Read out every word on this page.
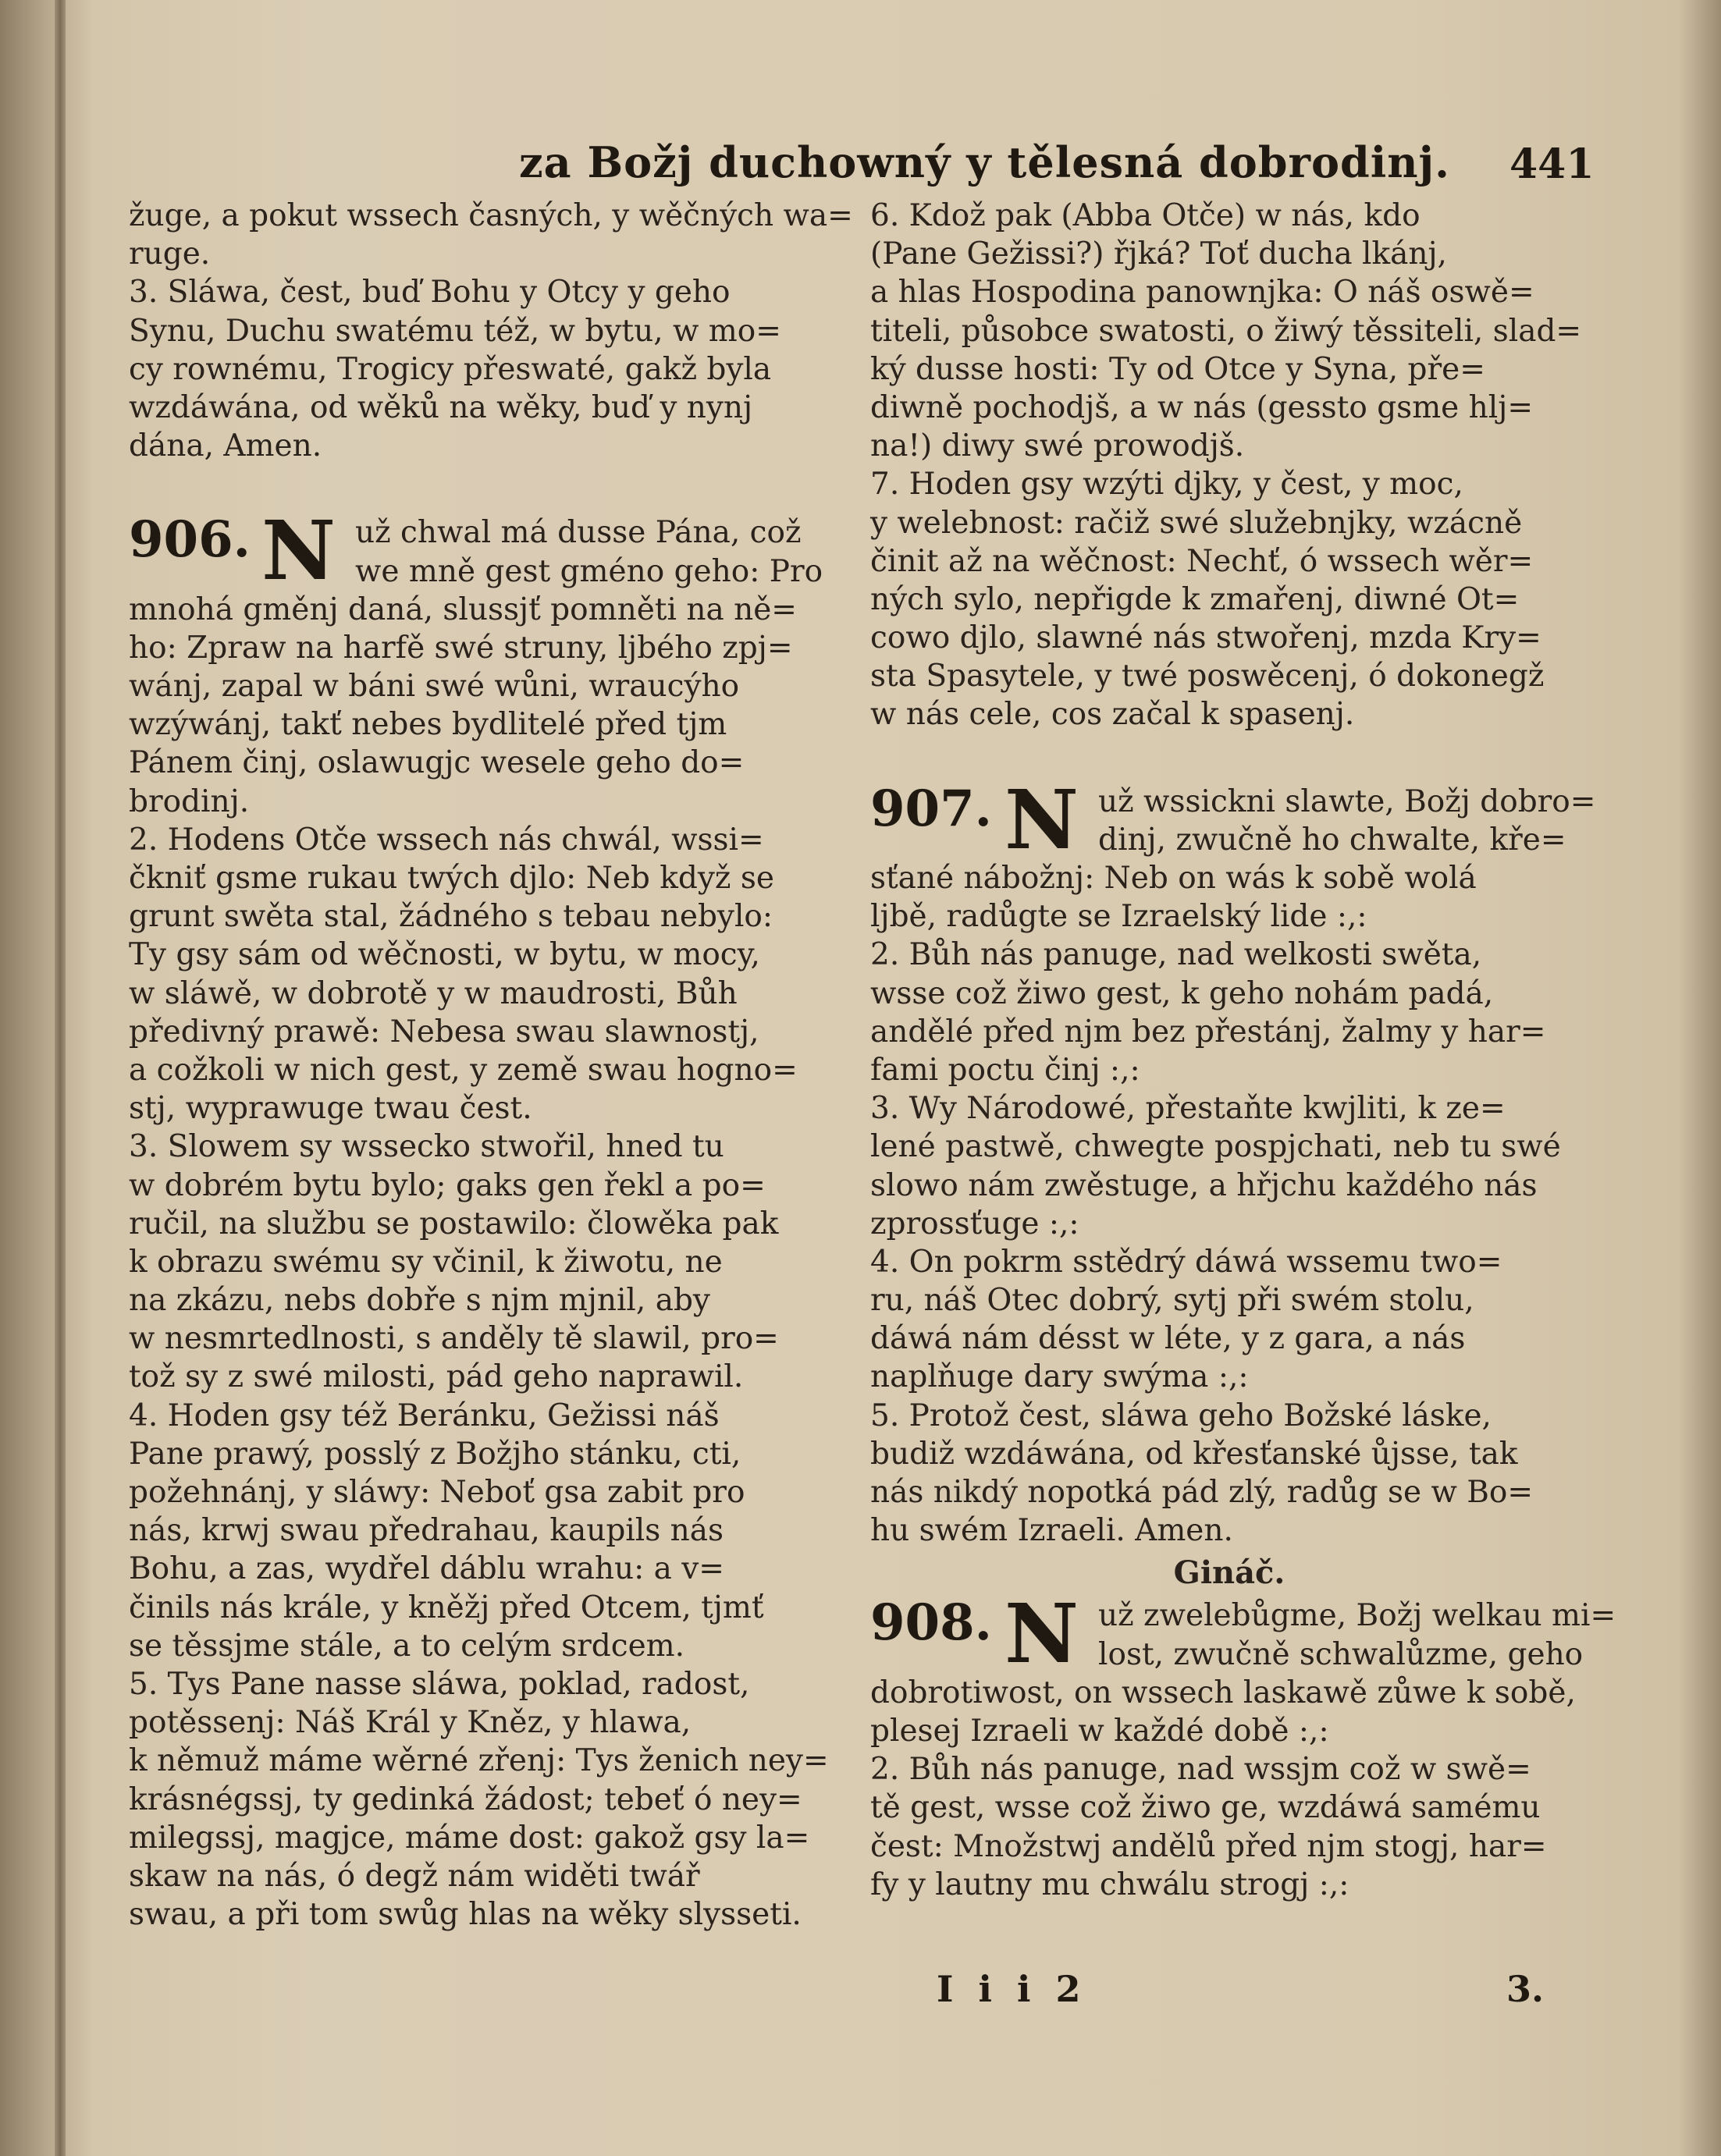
za Božj duchowný y tělesná dobrodinj. 441
žuge, a pokut wssech časných, y wěčných wa=
ruge.
3. Sláwa, čest, buď Bohu y Otcy y geho
Synu, Duchu swatému též, w bytu, w mo=
cy rownému, Trogicy přeswaté, gakž byla
wzdáwána, od wěků na wěky, buď y nynj
dána, Amen.
906. N už chwal má dusse Pána, což
we mně gest gméno geho: Pro
mnohá gměnj daná, slussjť pomněti na ně=
ho: Zpraw na harfě swé struny, ljbého zpj=
wánj, zapal w báni swé wůni, wraucýho
wzýwánj, takť nebes bydlitelé před tjm
Pánem činj, oslawugjc wesele geho do=
brodinj.
2. Hodens Otče wssech nás chwál, wssi=
čkniť gsme rukau twých djlo: Neb když se
grunt swěta stal, žádného s tebau nebylo:
Ty gsy sám od wěčnosti, w bytu, w mocy,
w sláwě, w dobrotě y w maudrosti, Bůh
předivný prawě: Nebesa swau slawnostj,
a cožkoli w nich gest, y země swau hogno=
stj, wyprawuge twau čest.
3. Slowem sy wssecko stwořil, hned tu
w dobrém bytu bylo; gaks gen řekl a po=
ručil, na službu se postawilo: člowěka pak
k obrazu swému sy včinil, k žiwotu, ne
na zkázu, nebs dobře s njm mjnil, aby
w nesmrtedlnosti, s anděly tě slawil, pro=
tož sy z swé milosti, pád geho naprawil.
4. Hoden gsy též Beránku, Gežissi náš
Pane prawý, posslý z Božjho stánku, cti,
požehnánj, y sláwy: Neboť gsa zabit pro
nás, krwj swau předrahau, kaupils nás
Bohu, a zas, wydřel dáblu wrahu: a v=
činils nás krále, y kněžj před Otcem, tjmť
se těssjme stále, a to celým srdcem.
5. Tys Pane nasse sláwa, poklad, radost,
potěssenj: Náš Král y Kněz, y hlawa,
k němuž máme wěrné zřenj: Tys ženich ney=
krásnégssj, ty gedinká žádost; tebeť ó ney=
milegssj, magjce, máme dost: gakož gsy la=
skaw na nás, ó degž nám widěti twář
swau, a při tom swůg hlas na wěky slysseti.
6. Kdož pak (Abba Otče) w nás, kdo
(Pane Gežissi?) řjká? Toť ducha lkánj,
a hlas Hospodina panownjka: O náš oswě=
titeli, působce swatosti, o žiwý těssiteli, slad=
ký dusse hosti: Ty od Otce y Syna, pře=
diwně pochodjš, a w nás (gessto gsme hlj=
na!) diwy swé prowodjš.
7. Hoden gsy wzýti djky, y čest, y moc,
y welebnost: račiž swé služebnjky, wzácně
činit až na wěčnost: Nechť, ó wssech wěr=
ných sylo, nepřigde k zmařenj, diwné Ot=
cowo djlo, slawné nás stwořenj, mzda Kry=
sta Spasytele, y twé poswěcenj, ó dokonegž
w nás cele, cos začal k spasenj.
907. N už wssickni slawte, Božj dobro=
dinj, zwučně ho chwalte, kře=
sťané nábožnj: Neb on wás k sobě wolá
ljbě, radůgte se Izraelský lide :,:
2. Bůh nás panuge, nad welkosti swěta,
wsse což žiwo gest, k geho nohám padá,
andělé před njm bez přestánj, žalmy y har=
fami poctu činj :,:
3. Wy Národowé, přestaňte kwjliti, k ze=
lené pastwě, chwegte pospjchati, neb tu swé
slowo nám zwěstuge, a hřjchu každého nás
zprossťuge :,:
4. On pokrm sstědrý dáwá wssemu two=
ru, náš Otec dobrý, sytj při swém stolu,
dáwá nám désst w léte, y z gara, a nás
naplňuge dary swýma :,:
5. Protož čest, sláwa geho Božské láske,
budiž wzdáwána, od křesťanské ůjsse, tak
nás nikdý nopotká pád zlý, radůg se w Bo=
hu swém Izraeli. Amen.
Gináč.
908. N už zwelebůgme, Božj welkau mi=
lost, zwučně schwalůzme, geho
dobrotiwost, on wssech laskawě zůwe k sobě,
plesej Izraeli w každé době :,:
2. Bůh nás panuge, nad wssjm což w swě=
tě gest, wsse což žiwo ge, wzdáwá samému
čest: Množstwj andělů před njm stogj, har=
fy y lautny mu chwálu strogj :,:
I i i 2	3.
